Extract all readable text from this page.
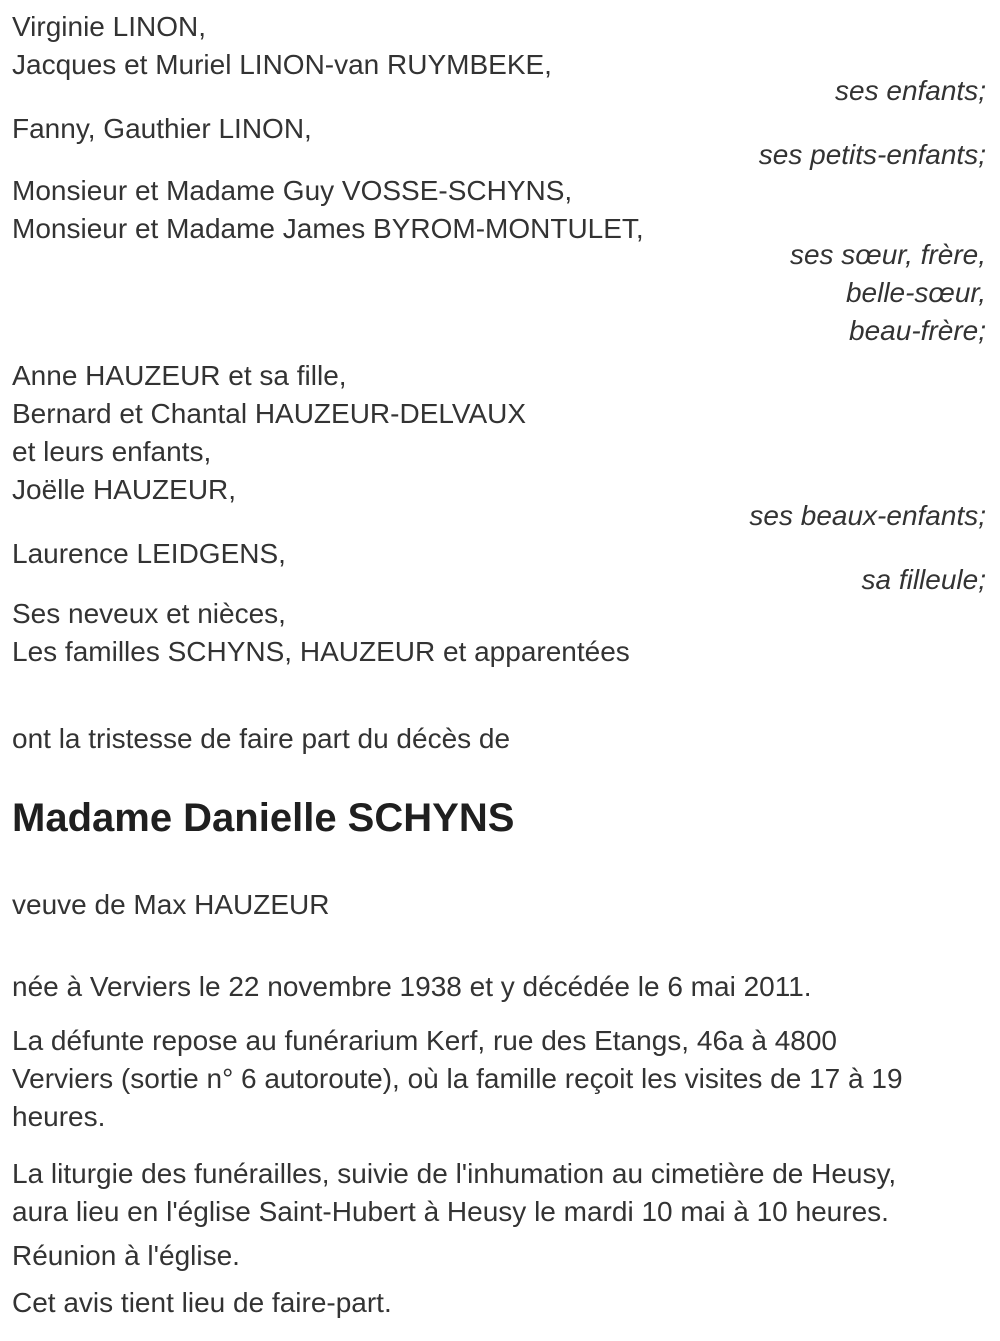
Virginie LINON,
Jacques et Muriel LINON-van RUYMBEKE,
ses enfants;
Fanny, Gauthier LINON,
ses petits-enfants;
Monsieur et Madame Guy VOSSE-SCHYNS,
Monsieur et Madame James BYROM-MONTULET,
ses sœur, frère,
belle-sœur,
beau-frère;
Anne HAUZEUR et sa fille,
Bernard et Chantal HAUZEUR-DELVAUX
et leurs enfants,
Joëlle HAUZEUR,
ses beaux-enfants;
Laurence LEIDGENS,
sa filleule;
Ses neveux et nièces,
Les familles SCHYNS, HAUZEUR et apparentées
ont la tristesse de faire part du décès de
Madame Danielle SCHYNS
veuve de Max HAUZEUR
née à Verviers le 22 novembre 1938 et y décédée le 6 mai 2011.
La défunte repose au funérarium Kerf, rue des Etangs, 46a à 4800
Verviers (sortie n° 6 autoroute), où la famille reçoit les visites de 17 à 19
heures.
La liturgie des funérailles, suivie de l'inhumation au cimetière de Heusy,
aura lieu en l'église Saint-Hubert à Heusy le mardi 10 mai à 10 heures.
Réunion à l'église.
Cet avis tient lieu de faire-part.
